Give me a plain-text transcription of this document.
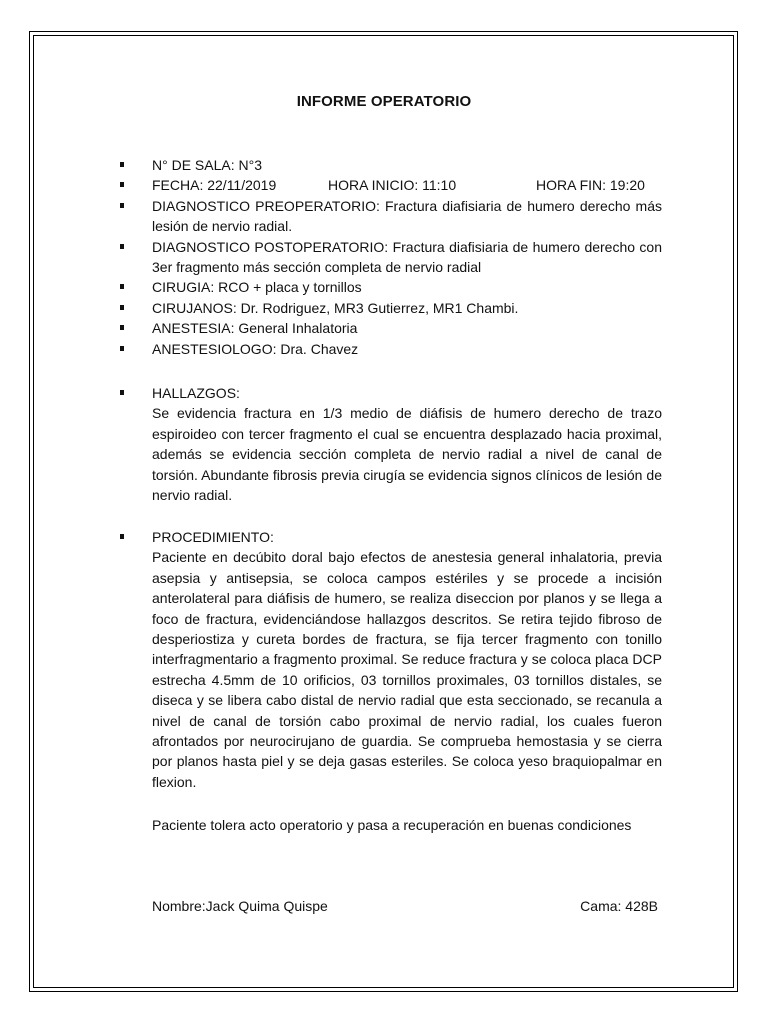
INFORME OPERATORIO
N° DE SALA: N°3
FECHA: 22/11/2019	HORA INICIO: 11:10	HORA FIN: 19:20
DIAGNOSTICO PREOPERATORIO: Fractura diafisiaria de humero derecho más lesión de nervio radial.
DIAGNOSTICO POSTOPERATORIO: Fractura diafisiaria de humero derecho con 3er fragmento más sección completa de nervio radial
CIRUGIA: RCO + placa y tornillos
CIRUJANOS: Dr. Rodriguez, MR3 Gutierrez, MR1 Chambi.
ANESTESIA: General Inhalatoria
ANESTESIOLOGO: Dra. Chavez
HALLAZGOS:

Se evidencia fractura en 1/3 medio de diáfisis de humero derecho de trazo espiroideo con tercer fragmento el cual se encuentra desplazado hacia proximal, además se evidencia sección completa de nervio radial a nivel de canal de torsión. Abundante fibrosis previa cirugía se evidencia signos clínicos de lesión de nervio radial.

PROCEDIMIENTO:

Paciente en decúbito doral bajo efectos de anestesia general inhalatoria, previa asepsia y antisepsia, se coloca campos estériles y se procede a incisión anterolateral para diáfisis de humero, se realiza diseccion por planos y se llega a foco de fractura, evidenciándose hallazgos descritos. Se retira tejido fibroso de desperiostiza y cureta bordes de fractura, se fija tercer fragmento con tonillo interfragmentario a fragmento proximal. Se reduce fractura y se coloca placa DCP estrecha 4.5mm de 10 orificios, 03 tornillos proximales, 03 tornillos distales, se diseca y se libera cabo distal de nervio radial que esta seccionado, se recanula a nivel de canal de torsión cabo proximal de nervio radial, los cuales fueron afrontados por neurocirujano de guardia. Se comprueba hemostasia y se cierra por planos hasta piel y se deja gasas esteriles. Se coloca yeso braquiopalmar en flexion.

Paciente tolera acto operatorio y pasa a recuperación en buenas condiciones
Nombre:Jack Quima Quispe	Cama: 428B
